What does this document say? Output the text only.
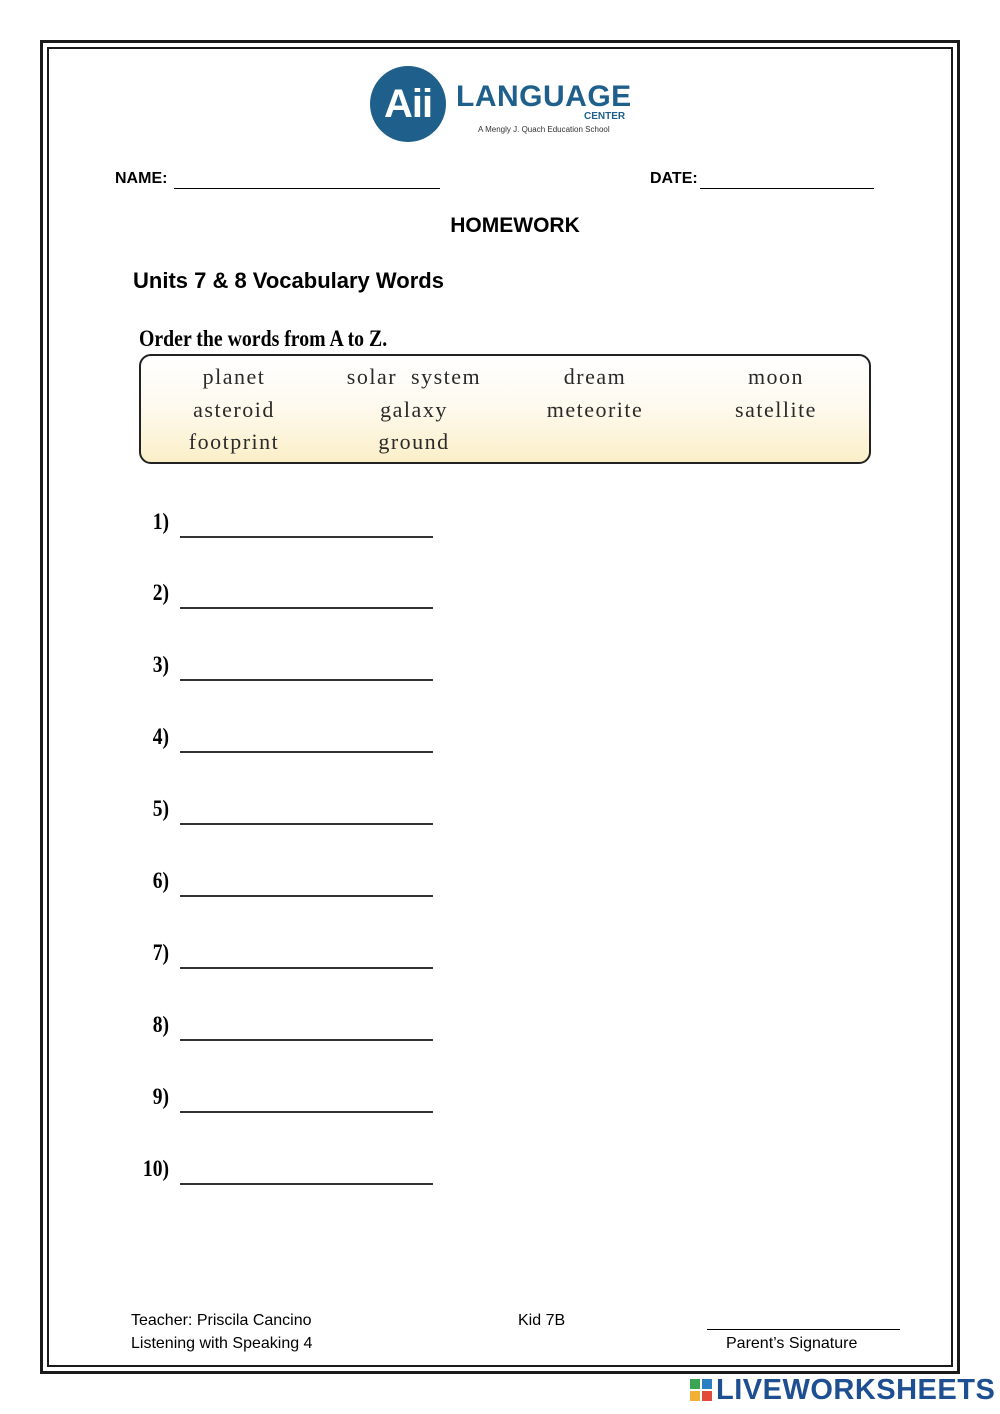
Aii LANGUAGE
CENTER
A Mengly J. Quach Education School
NAME:	DATE:
HOMEWORK
Units 7 & 8 Vocabulary Words
Order the words from A to Z.
planet	solar  system	dream	moon
asteroid	galaxy	meteorite	satellite
footprint	ground
1)
2)
3)
4)
5)
6)
7)
8)
9)
10)
Teacher: Priscila Cancino
Listening with Speaking 4
Kid 7B
Parent’s Signature
LIVEWORKSHEETS
